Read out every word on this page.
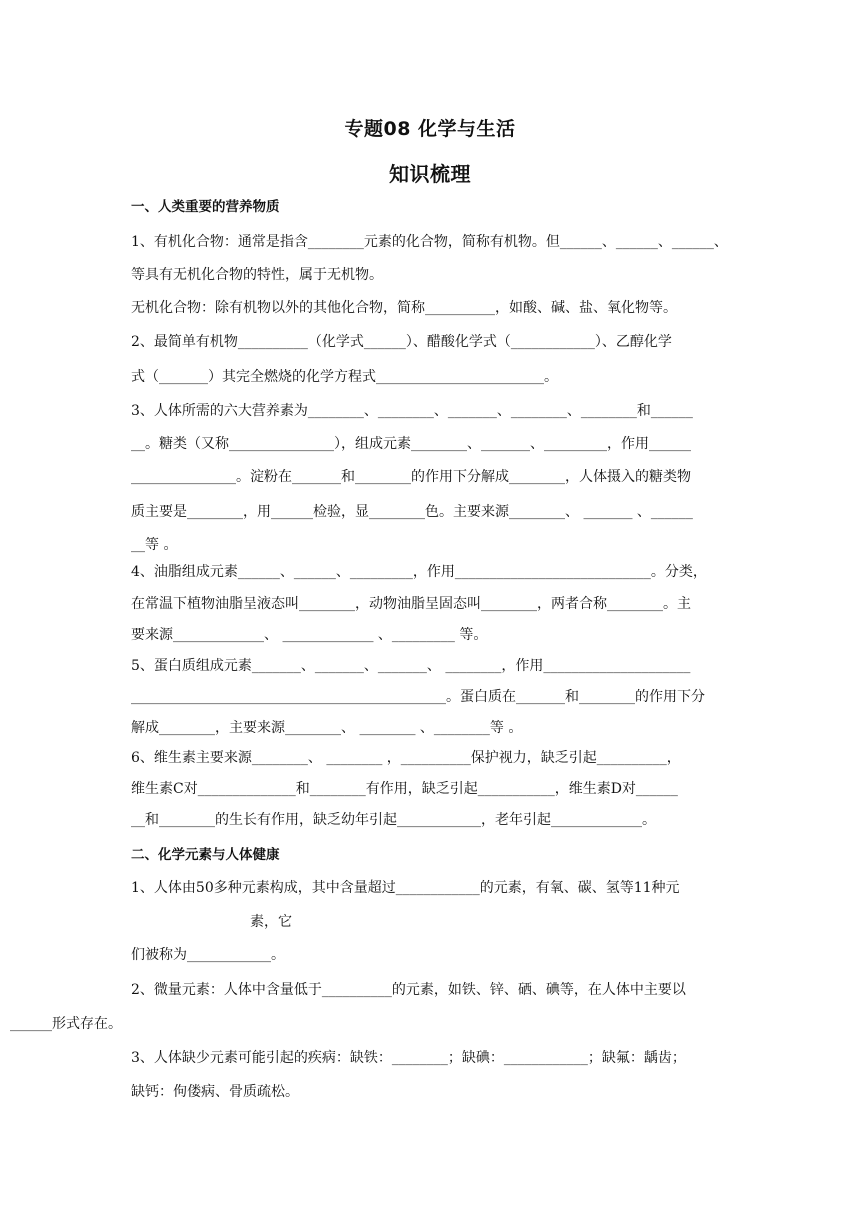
专题08 化学与生活
知识梳理
一、人类重要的营养物质
1、有机化合物：通常是指含________元素的化合物，简称有机物。但______、______、______、
等具有无机化合物的特性，属于无机物。
无机化合物：除有机物以外的其他化合物，简称__________，如酸、碱、盐、氧化物等。
2、最简单有机物__________（化学式______）、醋酸化学式（____________）、乙醇化学
式（_______）其完全燃烧的化学方程式________________________。
3、人体所需的六大营养素为________、________、_______、________、________和______
__。糖类（又称_______________），组成元素________、_______、_________，作用______
_______________。淀粉在_______和________的作用下分解成________，人体摄入的糖类物
质主要是________，用______检验，显________色。主要来源________、 _______ 、______
__等 。
4、油脂组成元素______、______、_________，作用____________________________。分类，
在常温下植物油脂呈液态叫________，动物油脂呈固态叫________，两者合称________。主
要来源_____________、 _____________ 、_________ 等。
5、蛋白质组成元素_______、_______、_______、 ________，作用_____________________
_____________________________________________。蛋白质在_______和________的作用下分
解成________，主要来源________、 ________ 、________等 。
6、维生素主要来源________、 ________ ，__________保护视力，缺乏引起__________，
维生素C对______________和________有作用，缺乏引起___________，维生素D对______
__和________的生长有作用，缺乏幼年引起____________，老年引起_____________。
二、化学元素与人体健康
1、人体由50多种元素构成，其中含量超过____________的元素，有氧、碳、氢等11种元
素，它
们被称为____________。
2、微量元素：人体中含量低于__________的元素，如铁、锌、硒、碘等，在人体中主要以
______形式存在。
3、人体缺少元素可能引起的疾病：缺铁：________；缺碘：____________；缺氟：龋齿；
缺钙：佝偻病、骨质疏松。
